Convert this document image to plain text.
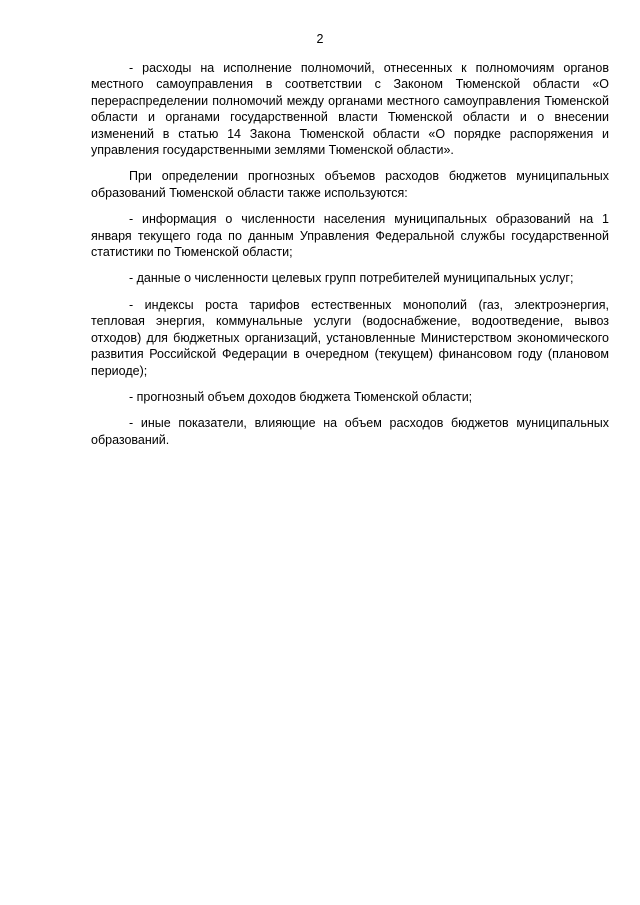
2

- расходы на исполнение полномочий, отнесенных к полномочиям органов местного самоуправления в соответствии с Законом Тюменской области «О перераспределении полномочий между органами местного самоуправления Тюменской области и органами государственной власти Тюменской области и о внесении изменений в статью 14 Закона Тюменской области «О порядке распоряжения и управления государственными землями Тюменской области».

При определении прогнозных объемов расходов бюджетов муниципальных образований Тюменской области также используются:

- информация о численности населения муниципальных образований на 1 января текущего года по данным Управления Федеральной службы государственной статистики по Тюменской области;

- данные о численности целевых групп потребителей муниципальных услуг;

- индексы роста тарифов естественных монополий (газ, электроэнергия, тепловая энергия, коммунальные услуги (водоснабжение, водоотведение, вывоз отходов) для бюджетных организаций, установленные Министерством экономического развития Российской Федерации в очередном (текущем) финансовом году (плановом периоде);

- прогнозный объем доходов бюджета Тюменской области;

- иные показатели, влияющие на объем расходов бюджетов муниципальных образований.
